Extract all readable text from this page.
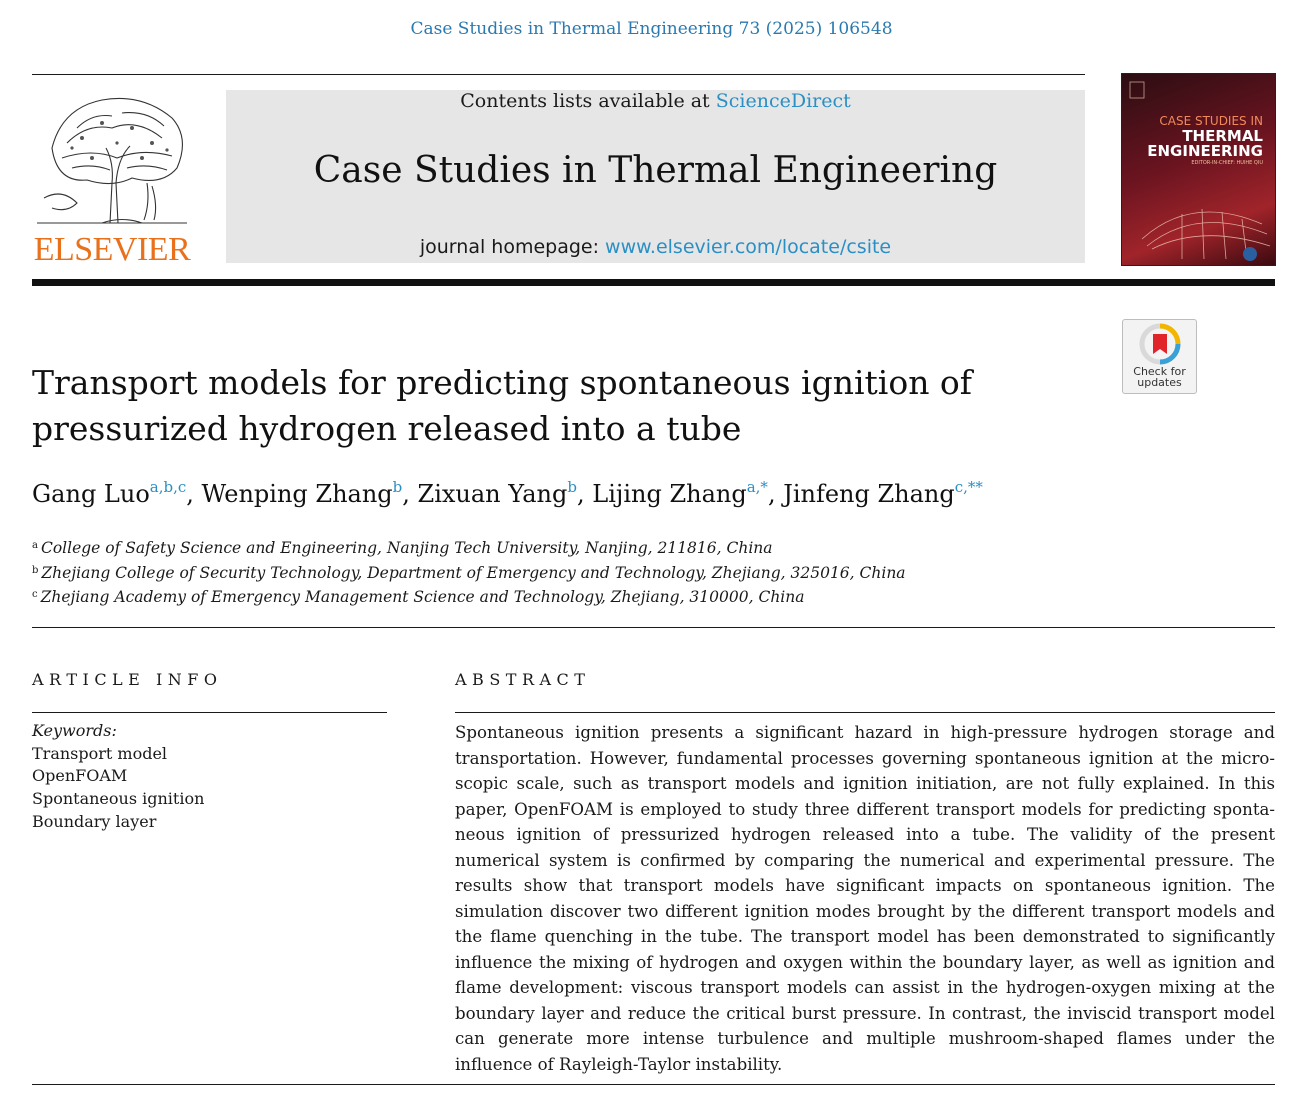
Case Studies in Thermal Engineering 73 (2025) 106548
ELSEVIER
Contents lists available at ScienceDirect
Case Studies in Thermal Engineering
journal homepage: www.elsevier.com/locate/csite
CASE STUDIES IN
THERMAL
ENGINEERING
EDITOR-IN-CHIEF: HUIHE QIU
Check for
updates
Transport models for predicting spontaneous ignition of
pressurized hydrogen released into a tube
Gang Luo$^{a,b,c}$, Wenping Zhang$^b$, Zixuan Yang$^b$, Lijing Zhang$^{a,*}$, Jinfeng Zhang$^{c,**}$
$^a$ College of Safety Science and Engineering, Nanjing Tech University, Nanjing, 211816, China
$^b$ Zhejiang College of Security Technology, Department of Emergency and Technology, Zhejiang, 325016, China
$^c$ Zhejiang Academy of Emergency Management Science and Technology, Zhejiang, 310000, China
ARTICLE INFO	ABSTRACT
Keywords:
Transport model
OpenFOAM
Spontaneous ignition
Boundary layer

Spontaneous ignition presents a significant hazard in high-pressure hydrogen storage and transportation. However, fundamental processes governing spontaneous ignition at the microscopic scale, such as transport models and ignition initiation, are not fully explained. In this paper, OpenFOAM is employed to study three different transport models for predicting spontaneous ignition of pressurized hydrogen released into a tube. The validity of the present numerical system is confirmed by comparing the numerical and experimental pressure. The results show that transport models have significant impacts on spontaneous ignition. The simulation discover two different ignition modes brought by the different transport models and the flame quenching in the tube. The transport model has been demonstrated to significantly influence the mixing of hydrogen and oxygen within the boundary layer, as well as ignition and flame development: viscous transport models can assist in the hydrogen-oxygen mixing at the boundary layer and reduce the critical burst pressure. In contrast, the inviscid transport model can generate more intense turbulence and multiple mushroom-shaped flames under the influence of Rayleigh-Taylor instability.
